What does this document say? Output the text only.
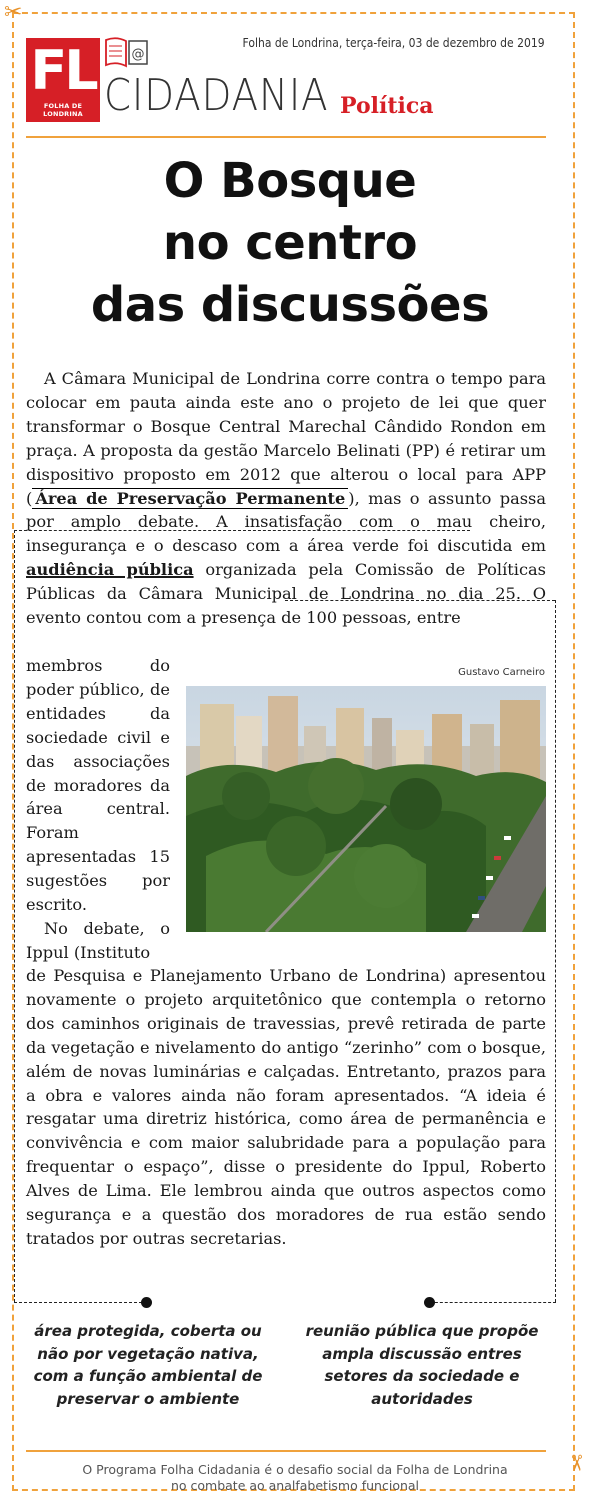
✂
✂
FL
FOLHA DE LONDRINA
@
Folha de Londrina, terça-feira, 03 de dezembro de 2019
CIDADANIA Política
O Bosque
no centro
das discussões

A Câmara Municipal de Londrina corre contra o tempo para colocar em pauta ainda este ano o projeto de lei que quer transformar o Bosque Central Marechal Cândido Rondon em praça. A proposta da gestão Marcelo Belinati (PP) é retirar um dispositivo proposto em 2012 que alterou o local para APP ( Área de Preservação Permanente ), mas o assunto passa por amplo debate. A insatisfação com o mau cheiro, insegurança e o descaso com a área verde foi discutida em audiência pública organizada pela Comissão de Políticas Públicas da Câmara Municipal de Londrina no dia 25. O evento contou com a presença de 100 pessoas, entre

Gustavo Carneiro

membros do poder público, de entidades da sociedade civil e das associações de moradores da área central. Foram apresentadas 15 sugestões por escrito.
No debate, o Ippul (Instituto

de Pesquisa e Planejamento Urbano de Londrina) apresentou novamente o projeto arquitetônico que contempla o retorno dos caminhos originais de travessias, prevê retirada de parte da vegetação e nivelamento do antigo “zerinho” com o bosque, além de novas luminárias e calçadas. Entretanto, prazos para a obra e valores ainda não foram apresentados. “A ideia é resgatar uma diretriz histórica, como área de permanência e convivência e com maior salubridade para a população para frequentar o espaço”, disse o presidente do Ippul, Roberto Alves de Lima. Ele lembrou ainda que outros aspectos como segurança e a questão dos moradores de rua estão sendo tratados por outras secretarias.

área protegida, coberta ou não por vegetação nativa, com a função ambiental de preservar o ambiente
reunião pública que propõe ampla discussão entres setores da sociedade e autoridades
O Programa Folha Cidadania é o desafio social da Folha de Londrina
no combate ao analfabetismo funcional
